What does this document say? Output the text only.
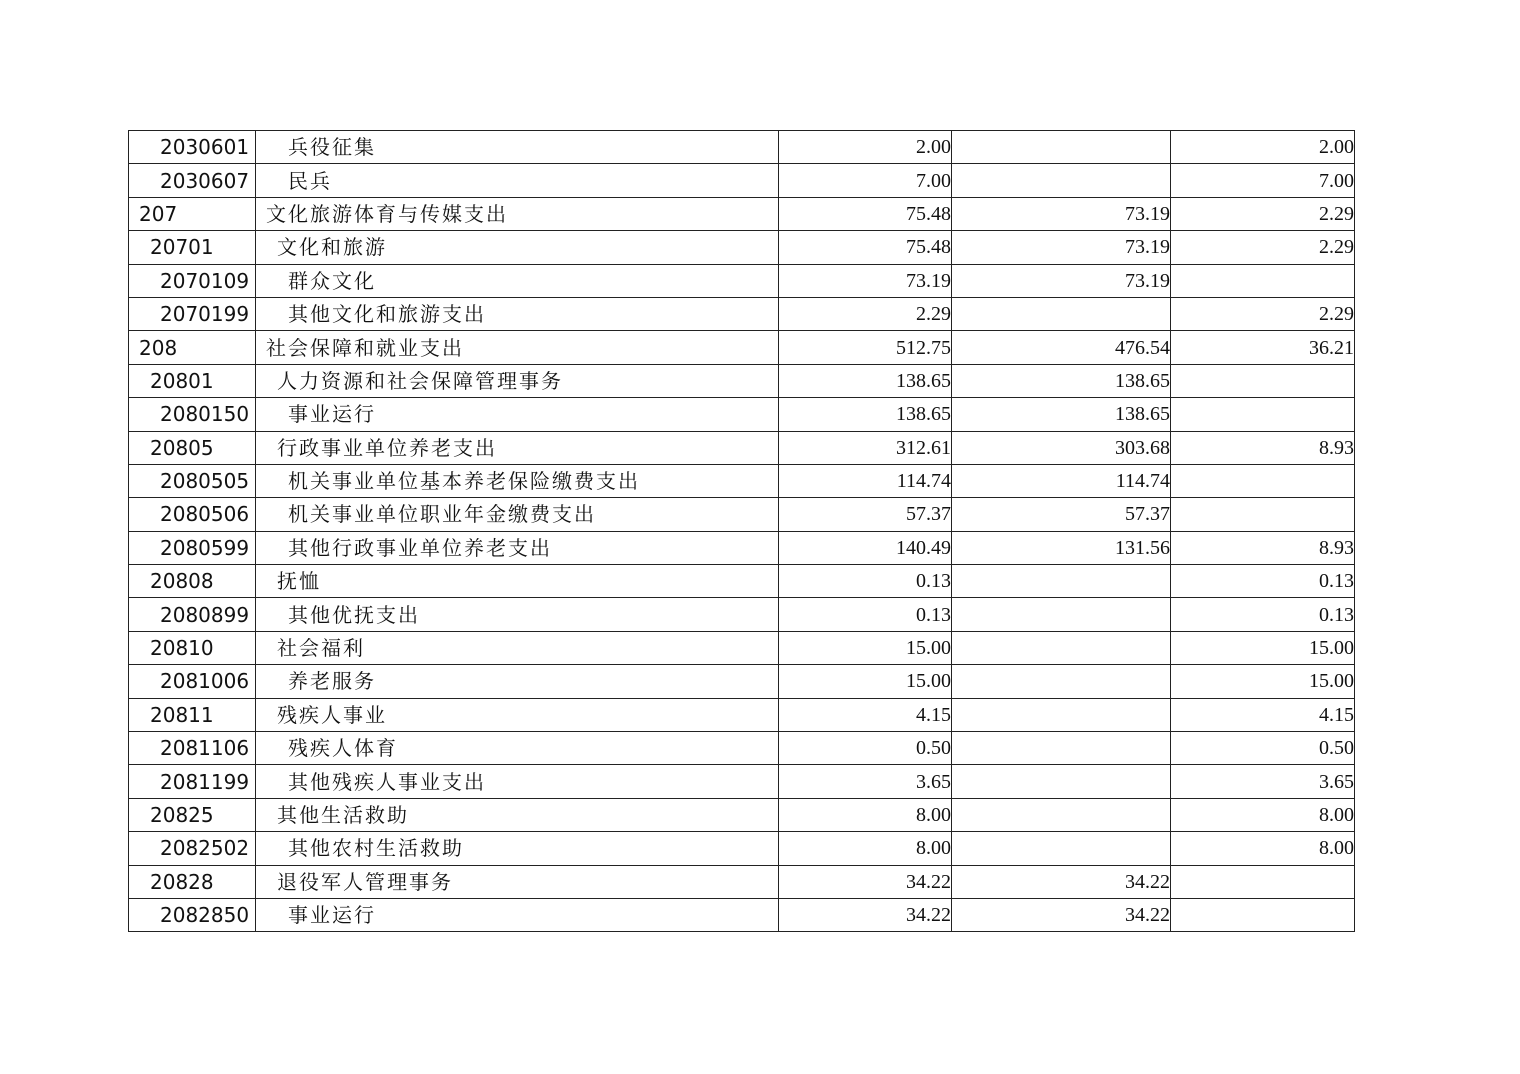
2030601	兵役征集	2.00		2.00
2030607	民兵	7.00		7.00
207	文化旅游体育与传媒支出	75.48	73.19	2.29
20701	文化和旅游	75.48	73.19	2.29
2070109	群众文化	73.19	73.19	
2070199	其他文化和旅游支出	2.29		2.29
208	社会保障和就业支出	512.75	476.54	36.21
20801	人力资源和社会保障管理事务	138.65	138.65	
2080150	事业运行	138.65	138.65	
20805	行政事业单位养老支出	312.61	303.68	8.93
2080505	机关事业单位基本养老保险缴费支出	114.74	114.74	
2080506	机关事业单位职业年金缴费支出	57.37	57.37	
2080599	其他行政事业单位养老支出	140.49	131.56	8.93
20808	抚恤	0.13		0.13
2080899	其他优抚支出	0.13		0.13
20810	社会福利	15.00		15.00
2081006	养老服务	15.00		15.00
20811	残疾人事业	4.15		4.15
2081106	残疾人体育	0.50		0.50
2081199	其他残疾人事业支出	3.65		3.65
20825	其他生活救助	8.00		8.00
2082502	其他农村生活救助	8.00		8.00
20828	退役军人管理事务	34.22	34.22	
2082850	事业运行	34.22	34.22	
